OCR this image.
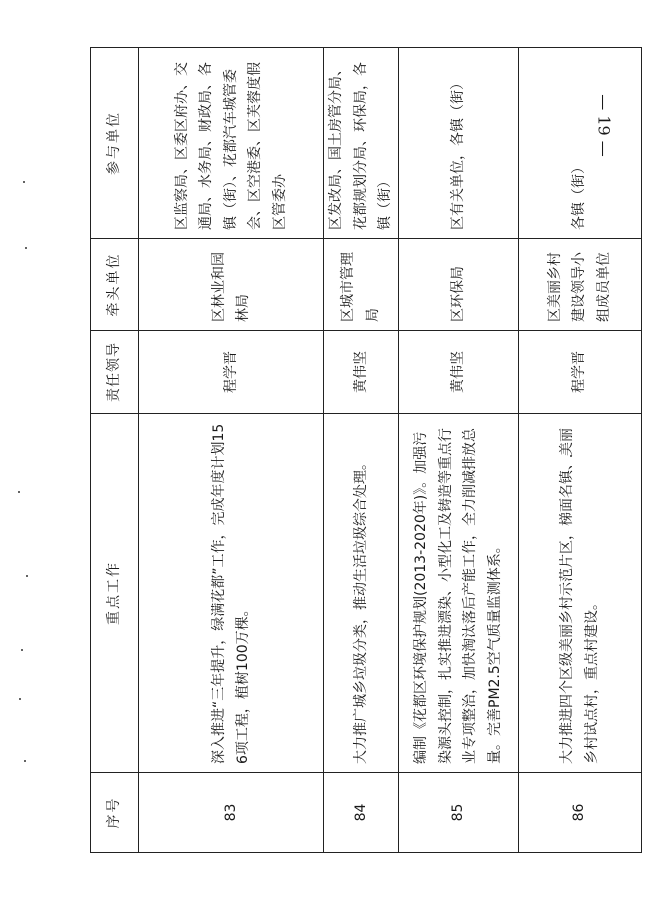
— 19 —
序号	重点工作	责任领导	牵头单位	参与单位
83	深入推进“三年提升，绿满花都”工作，完成年度计划156项工程，植树100万棵。	程学晋	区林业和园林局	区监察局、区委区府办、交通局、水务局、财政局、各镇（街）、花都汽车城管委会、区空港委、区芙蓉度假区管委办
84	大力推广城乡垃圾分类，推动生活垃圾综合处理。	黄伟坚	区城市管理局	区发改局、国土房管分局、花都规划分局、环保局，各镇（街）
85	编制《花都区环境保护规划(2013-2020年)》。加强污染源头控制，扎实推进漂染、小型化工及铸造等重点行业专项整治，加快淘汰落后产能工作，全力削减排放总量。完善PM2.5空气质量监测体系。	黄伟坚	区环保局	区有关单位，各镇（街）
86	大力推进四个区级美丽乡村示范片区，梯面名镇、美丽乡村试点村，重点村建设。	程学晋	区美丽乡村建设领导小组成员单位	各镇（街）
